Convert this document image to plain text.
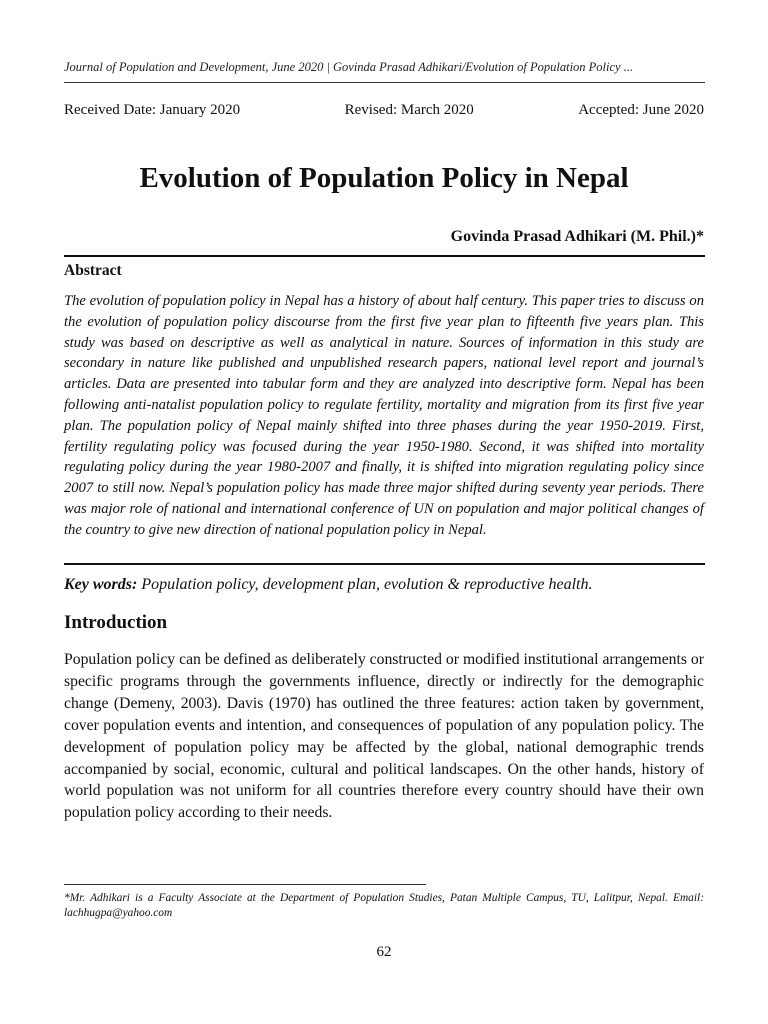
Journal of Population and Development, June 2020 | Govinda Prasad Adhikari/Evolution of Population Policy ...
Received Date: January 2020	Revised: March 2020	Accepted: June 2020
Evolution of Population Policy in Nepal
Govinda Prasad Adhikari (M. Phil.)*
Abstract

The evolution of population policy in Nepal has a history of about half century. This paper tries to discuss on the evolution of population policy discourse from the first five year plan to fifteenth five years plan. This study was based on descriptive as well as analytical in nature. Sources of information in this study are secondary in nature like published and unpublished research papers, national level report and journal’s articles. Data are presented into tabular form and they are analyzed into descriptive form. Nepal has been following anti-natalist population policy to regulate fertility, mortality and migration from its first five year plan. The population policy of Nepal mainly shifted into three phases during the year 1950-2019. First, fertility regulating policy was focused during the year 1950-1980. Second, it was shifted into mortality regulating policy during the year 1980-2007 and finally, it is shifted into migration regulating policy since 2007 to still now. Nepal’s population policy has made three major shifted during seventy year periods. There was major role of national and international conference of UN on population and major political changes of the country to give new direction of national population policy in Nepal.

Key words: Population policy, development plan, evolution & reproductive health.
Introduction

Population policy can be defined as deliberately constructed or modified institutional arrangements or specific programs through the governments influence, directly or indirectly for the demographic change (Demeny, 2003). Davis (1970) has outlined the three features: action taken by government, cover population events and intention, and consequences of population of any population policy. The development of population policy may be affected by the global, national demographic trends accompanied by social, economic, cultural and political landscapes. On the other hands, history of world population was not uniform for all countries therefore every country should have their own population policy according to their needs.

*Mr. Adhikari is a Faculty Associate at the Department of Population Studies, Patan Multiple Campus, TU, Lalitpur, Nepal. Email: lachhugpa@yahoo.com
62
